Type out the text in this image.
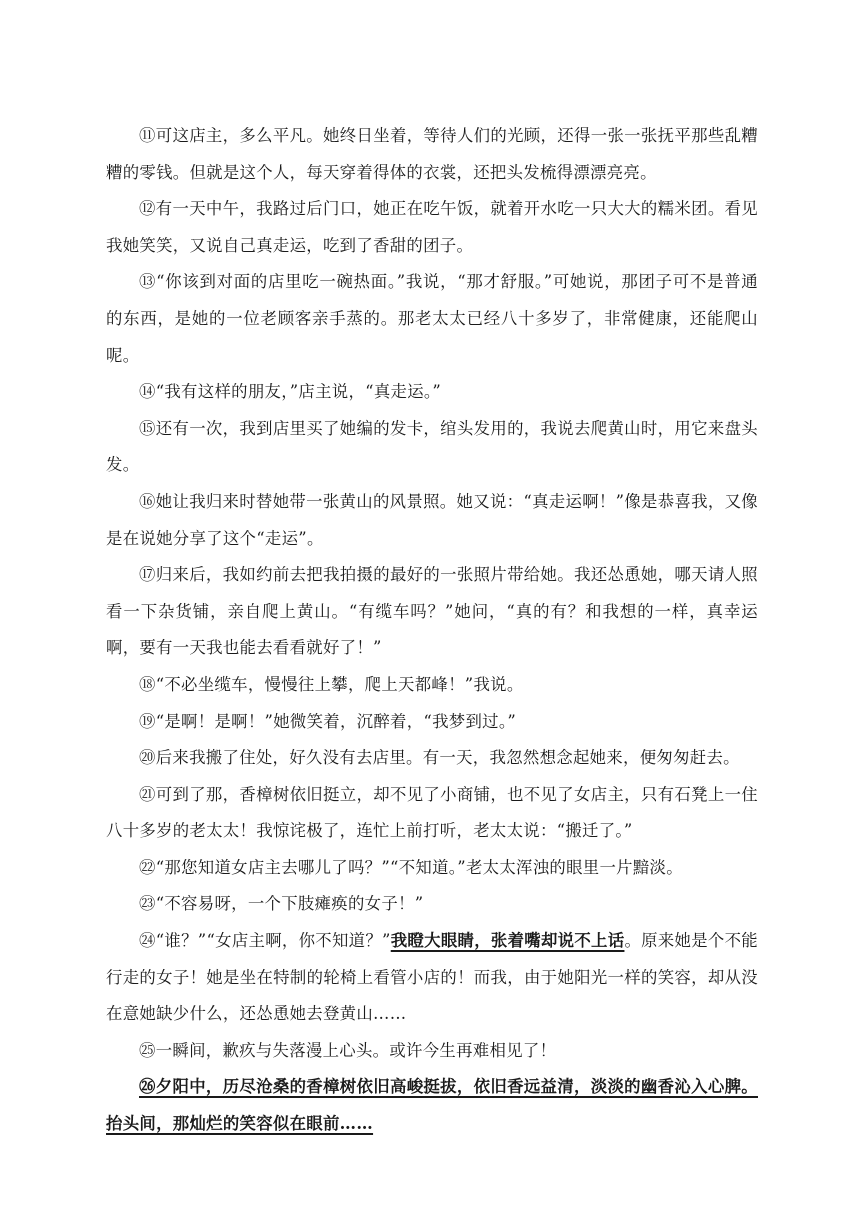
⑪可这店主，多么平凡。她终日坐着，等待人们的光顾，还得一张一张抚平那些乱糟糟的零钱。但就是这个人，每天穿着得体的衣裳，还把头发梳得漂漂亮亮。

⑫有一天中午，我路过后门口，她正在吃午饭，就着开水吃一只大大的糯米团。看见我她笑笑，又说自己真走运，吃到了香甜的团子。

⑬“你该到对面的店里吃一碗热面。”我说，“那才舒服。”可她说，那团子可不是普通的东西，是她的一位老顾客亲手蒸的。那老太太已经八十多岁了，非常健康，还能爬山呢。

⑭“我有这样的朋友，”店主说，“真走运。”

⑮还有一次，我到店里买了她编的发卡，绾头发用的，我说去爬黄山时，用它来盘头发。

⑯她让我归来时替她带一张黄山的风景照。她又说：“真走运啊！”像是恭喜我，又像是在说她分享了这个“走运”。

⑰归来后，我如约前去把我拍摄的最好的一张照片带给她。我还怂恿她，哪天请人照看一下杂货铺，亲自爬上黄山。“有缆车吗？”她问，“真的有？和我想的一样，真幸运啊，要有一天我也能去看看就好了！”

⑱“不必坐缆车，慢慢往上攀，爬上天都峰！”我说。

⑲“是啊！是啊！”她微笑着，沉醉着，“我梦到过。”

⑳后来我搬了住处，好久没有去店里。有一天，我忽然想念起她来，便匆匆赶去。

㉑可到了那，香樟树依旧挺立，却不见了小商铺，也不见了女店主，只有石凳上一住八十多岁的老太太！我惊诧极了，连忙上前打听，老太太说：“搬迁了。”

㉒“那您知道女店主去哪儿了吗？”“不知道。”老太太浑浊的眼里一片黯淡。

㉓“不容易呀，一个下肢瘫痪的女子！”

㉔“谁？”“女店主啊，你不知道？”我瞪大眼睛，张着嘴却说不上话。原来她是个不能行走的女子！她是坐在特制的轮椅上看管小店的！而我，由于她阳光一样的笑容，却从没在意她缺少什么，还怂恿她去登黄山……

㉕一瞬间，歉疚与失落漫上心头。或许今生再难相见了！

㉖夕阳中，历尽沧桑的香樟树依旧高峻挺拔，依旧香远益清，淡淡的幽香沁入心脾。抬头间，那灿烂的笑容似在眼前……
